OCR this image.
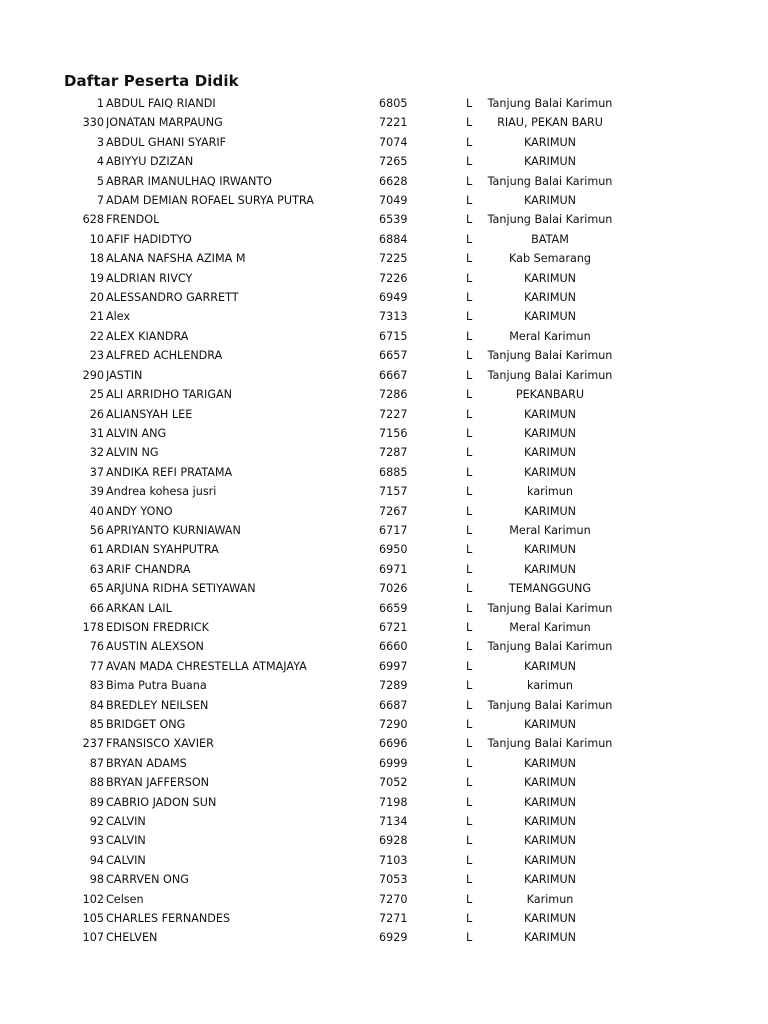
Daftar Peserta Didik
1 ABDUL FAIQ RIANDI	6805	L	Tanjung Balai Karimun
330 JONATAN MARPAUNG	7221	L	RIAU, PEKAN BARU
3 ABDUL GHANI SYARIF	7074	L	KARIMUN
4 ABIYYU DZIZAN	7265	L	KARIMUN
5 ABRAR IMANULHAQ IRWANTO	6628	L	Tanjung Balai Karimun
7 ADAM DEMIAN ROFAEL SURYA PUTRA	7049	L	KARIMUN
628 FRENDOL	6539	L	Tanjung Balai Karimun
10 AFIF HADIDTYO	6884	L	BATAM
18 ALANA NAFSHA AZIMA M	7225	L	Kab Semarang
19 ALDRIAN RIVCY	7226	L	KARIMUN
20 ALESSANDRO GARRETT	6949	L	KARIMUN
21 Alex	7313	L	KARIMUN
22 ALEX KIANDRA	6715	L	Meral Karimun
23 ALFRED ACHLENDRA	6657	L	Tanjung Balai Karimun
290 JASTIN	6667	L	Tanjung Balai Karimun
25 ALI ARRIDHO TARIGAN	7286	L	PEKANBARU
26 ALIANSYAH LEE	7227	L	KARIMUN
31 ALVIN ANG	7156	L	KARIMUN
32 ALVIN NG	7287	L	KARIMUN
37 ANDIKA REFI PRATAMA	6885	L	KARIMUN
39 Andrea kohesa jusri	7157	L	karimun
40 ANDY YONO	7267	L	KARIMUN
56 APRIYANTO KURNIAWAN	6717	L	Meral Karimun
61 ARDIAN SYAHPUTRA	6950	L	KARIMUN
63 ARIF CHANDRA	6971	L	KARIMUN
65 ARJUNA RIDHA SETIYAWAN	7026	L	TEMANGGUNG
66 ARKAN LAIL	6659	L	Tanjung Balai Karimun
178 EDISON FREDRICK	6721	L	Meral Karimun
76 AUSTIN ALEXSON	6660	L	Tanjung Balai Karimun
77 AVAN MADA CHRESTELLA ATMAJAYA	6997	L	KARIMUN
83 Bima Putra Buana	7289	L	karimun
84 BREDLEY NEILSEN	6687	L	Tanjung Balai Karimun
85 BRIDGET ONG	7290	L	KARIMUN
237 FRANSISCO XAVIER	6696	L	Tanjung Balai Karimun
87 BRYAN ADAMS	6999	L	KARIMUN
88 BRYAN JAFFERSON	7052	L	KARIMUN
89 CABRIO JADON SUN	7198	L	KARIMUN
92 CALVIN	7134	L	KARIMUN
93 CALVIN	6928	L	KARIMUN
94 CALVIN	7103	L	KARIMUN
98 CARRVEN ONG	7053	L	KARIMUN
102 Celsen	7270	L	Karimun
105 CHARLES FERNANDES	7271	L	KARIMUN
107 CHELVEN	6929	L	KARIMUN
